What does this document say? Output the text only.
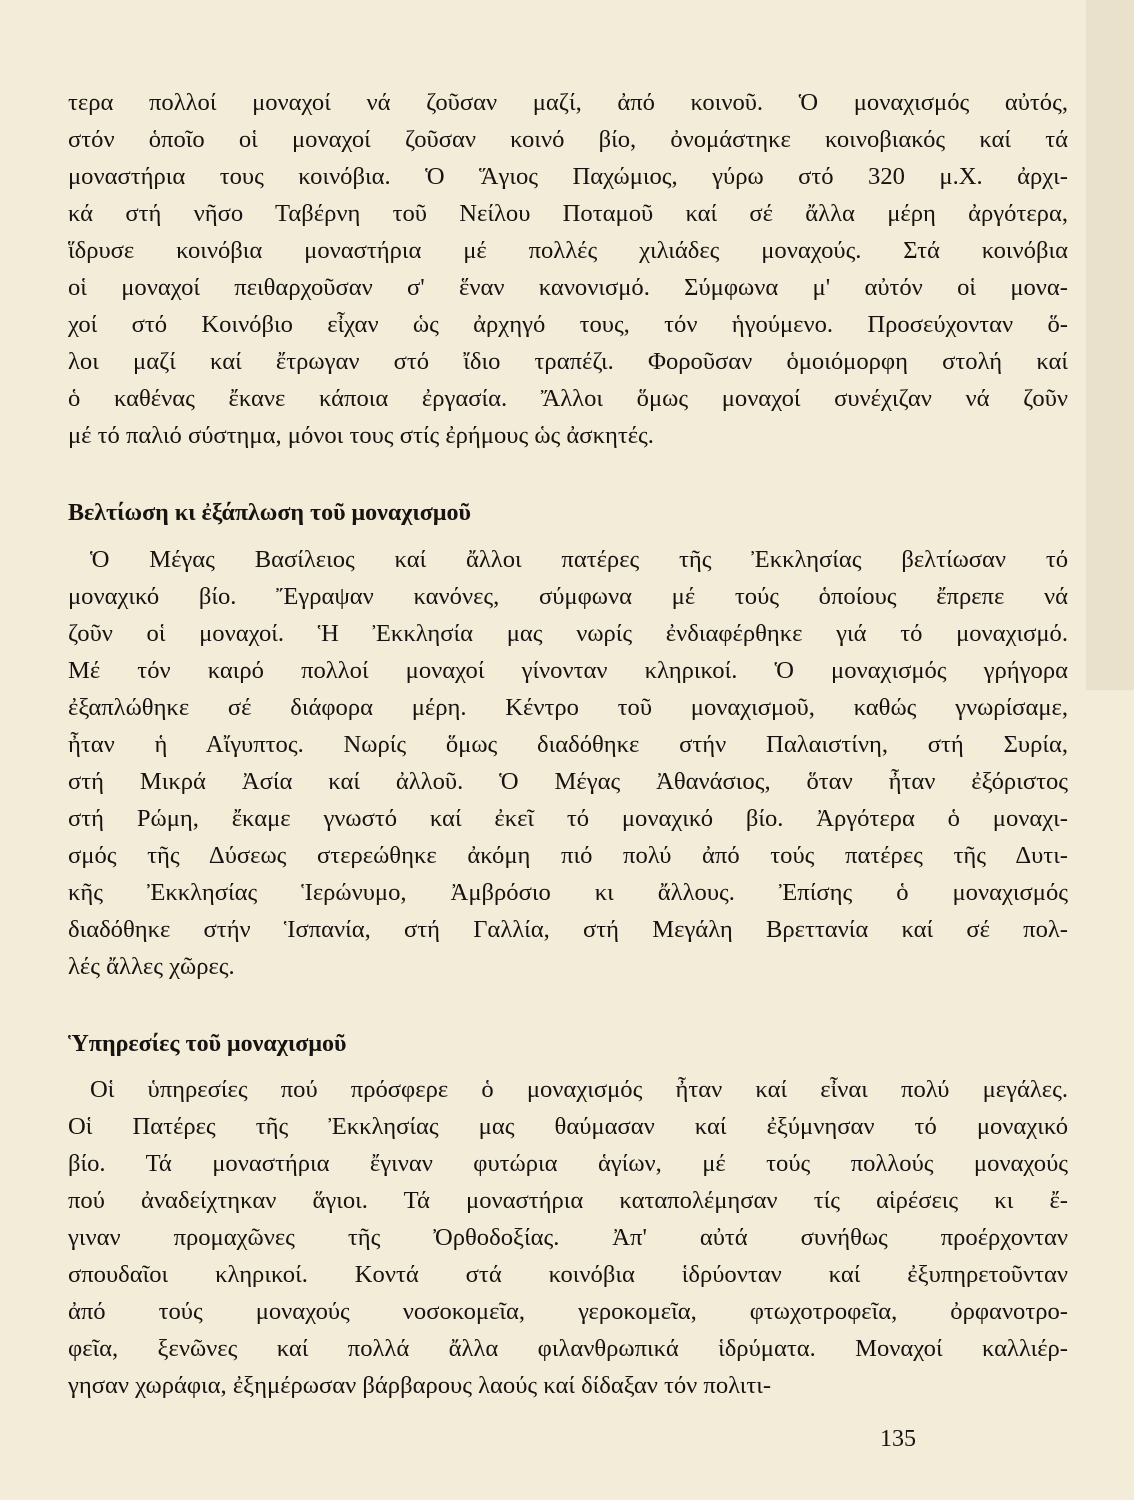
τερα πολλοί μοναχοί νά ζοῦσαν μαζί, ἀπό κοινοῦ. Ὁ μοναχισμός αὐτός,
στόν ὁποῖο οἱ μοναχοί ζοῦσαν κοινό βίο, ὀνομάστηκε κοινοβιακός καί τά
μοναστήρια τους κοινόβια. Ὁ Ἅγιος Παχώμιος, γύρω στό 320 μ.Χ. ἀρχι-
κά στή νῆσο Ταβέρνη τοῦ Νείλου Ποταμοῦ καί σέ ἄλλα μέρη ἀργότερα,
ἵδρυσε κοινόβια μοναστήρια μέ πολλές χιλιάδες μοναχούς. Στά κοινόβια
οἱ μοναχοί πειθαρχοῦσαν σ' ἕναν κανονισμό. Σύμφωνα μ' αὐτόν οἱ μονα-
χοί στό Κοινόβιο εἶχαν ὡς ἀρχηγό τους, τόν ἡγούμενο. Προσεύχονταν ὅ-
λοι μαζί καί ἔτρωγαν στό ἴδιο τραπέζι. Φοροῦσαν ὁμοιόμορφη στολή καί
ὁ καθένας ἔκανε κάποια ἐργασία. Ἄλλοι ὅμως μοναχοί συνέχιζαν νά ζοῦν
μέ τό παλιό σύστημα, μόνοι τους στίς ἐρήμους ὡς ἀσκητές.
Βελτίωση κι ἐξάπλωση τοῦ μοναχισμοῦ
Ὁ Μέγας Βασίλειος καί ἄλλοι πατέρες τῆς Ἐκκλησίας βελτίωσαν τό
μοναχικό βίο. Ἔγραψαν κανόνες, σύμφωνα μέ τούς ὁποίους ἔπρεπε νά
ζοῦν οἱ μοναχοί. Ἡ Ἐκκλησία μας νωρίς ἐνδιαφέρθηκε γιά τό μοναχισμό.
Μέ τόν καιρό πολλοί μοναχοί γίνονταν κληρικοί. Ὁ μοναχισμός γρήγορα
ἐξαπλώθηκε σέ διάφορα μέρη. Κέντρο τοῦ μοναχισμοῦ, καθώς γνωρίσαμε,
ἦταν ἡ Αἴγυπτος. Νωρίς ὅμως διαδόθηκε στήν Παλαιστίνη, στή Συρία,
στή Μικρά Ἀσία καί ἀλλοῦ. Ὁ Μέγας Ἀθανάσιος, ὅταν ἦταν ἐξόριστος
στή Ρώμη, ἔκαμε γνωστό καί ἐκεῖ τό μοναχικό βίο. Ἀργότερα ὁ μοναχι-
σμός τῆς Δύσεως στερεώθηκε ἀκόμη πιό πολύ ἀπό τούς πατέρες τῆς Δυτι-
κῆς Ἐκκλησίας Ἱερώνυμο, Ἀμβρόσιο κι ἄλλους. Ἐπίσης ὁ μοναχισμός
διαδόθηκε στήν Ἱσπανία, στή Γαλλία, στή Μεγάλη Βρεττανία καί σέ πολ-
λές ἄλλες χῶρες.
Ὑπηρεσίες τοῦ μοναχισμοῦ
Οἱ ὑπηρεσίες πού πρόσφερε ὁ μοναχισμός ἦταν καί εἶναι πολύ μεγάλες.
Οἱ Πατέρες τῆς Ἐκκλησίας μας θαύμασαν καί ἐξύμνησαν τό μοναχικό
βίο. Τά μοναστήρια ἔγιναν φυτώρια ἁγίων, μέ τούς πολλούς μοναχούς
πού ἀναδείχτηκαν ἅγιοι. Τά μοναστήρια καταπολέμησαν τίς αἱρέσεις κι ἔ-
γιναν προμαχῶνες τῆς Ὀρθοδοξίας. Ἀπ' αὐτά συνήθως προέρχονταν
σπουδαῖοι κληρικοί. Κοντά στά κοινόβια ἱδρύονταν καί ἐξυπηρετοῦνταν
ἀπό τούς μοναχούς νοσοκομεῖα, γεροκομεῖα, φτωχοτροφεῖα, ὀρφανοτρο-
φεῖα, ξενῶνες καί πολλά ἄλλα φιλανθρωπικά ἱδρύματα. Μοναχοί καλλιέρ-
γησαν χωράφια, ἐξημέρωσαν βάρβαρους λαούς καί δίδαξαν τόν πολιτι-
135
